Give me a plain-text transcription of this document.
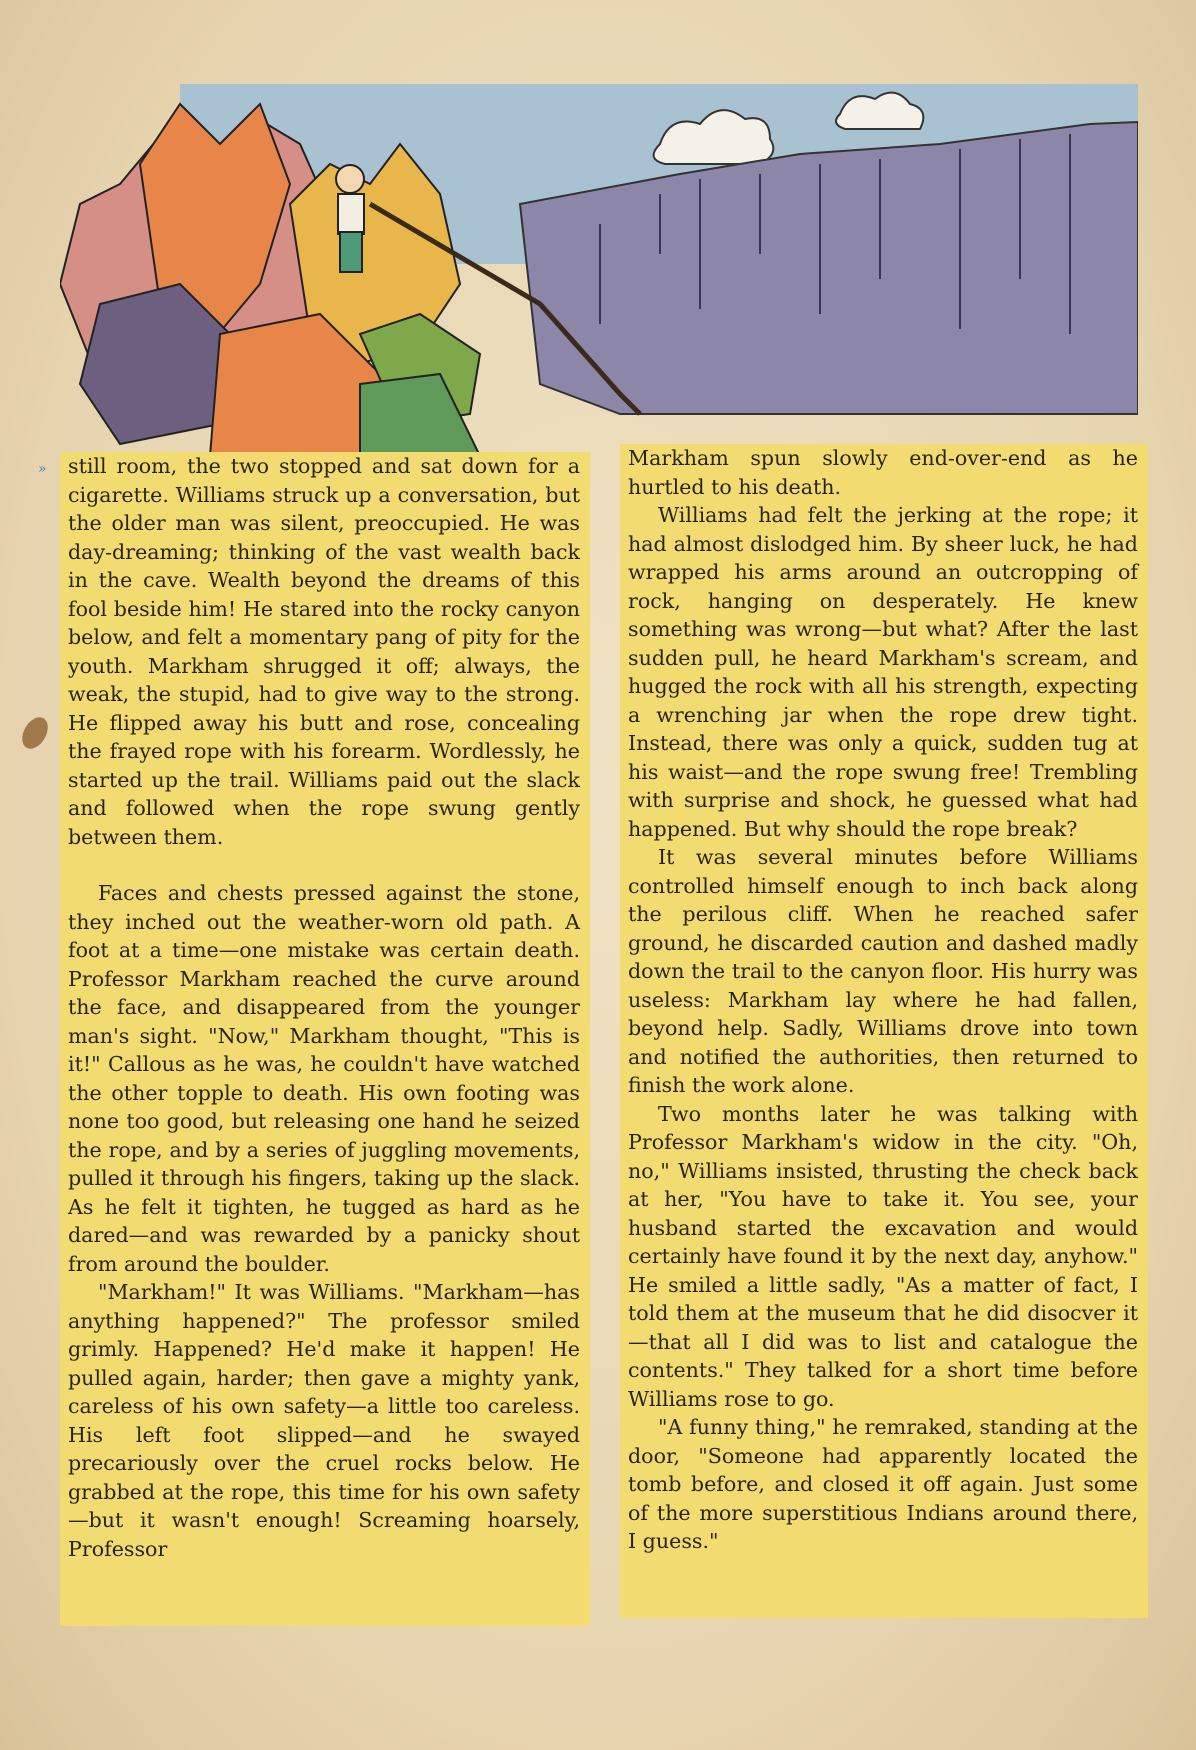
» still room, the two stopped and sat down for a cigarette. Williams struck up a conversation, but the older man was silent, preoccupied. He was day-dreaming; thinking of the vast wealth back in the cave. Wealth beyond the dreams of this fool beside him! He stared into the rocky canyon below, and felt a momentary pang of pity for the youth. Markham shrugged it off; always, the weak, the stupid, had to give way to the strong. He flipped away his butt and rose, concealing the frayed rope with his forearm. Wordlessly, he started up the trail. Williams paid out the slack and followed when the rope swung gently between them.

Faces and chests pressed against the stone, they inched out the weather-worn old path. A foot at a time—one mistake was certain death. Professor Markham reached the curve around the face, and disappeared from the younger man's sight. "Now," Markham thought, "This is it!" Callous as he was, he couldn't have watched the other topple to death. His own footing was none too good, but releasing one hand he seized the rope, and by a series of juggling movements, pulled it through his fingers, taking up the slack. As he felt it tighten, he tugged as hard as he dared—and was rewarded by a panicky shout from around the boulder.

"Markham!" It was Williams. "Markham—has anything happened?" The professor smiled grimly. Happened? He'd make it happen! He pulled again, harder; then gave a mighty yank, careless of his own safety—a little too careless. His left foot slipped—and he swayed precariously over the cruel rocks below. He grabbed at the rope, this time for his own safety—but it wasn't enough! Screaming hoarsely, Professor

Markham spun slowly end-over-end as he hurtled to his death.

Williams had felt the jerking at the rope; it had almost dislodged him. By sheer luck, he had wrapped his arms around an outcropping of rock, hanging on desperately. He knew something was wrong—but what? After the last sudden pull, he heard Markham's scream, and hugged the rock with all his strength, expecting a wrenching jar when the rope drew tight. Instead, there was only a quick, sudden tug at his waist—and the rope swung free! Trembling with surprise and shock, he guessed what had happened. But why should the rope break?

It was several minutes before Williams controlled himself enough to inch back along the perilous cliff. When he reached safer ground, he discarded caution and dashed madly down the trail to the canyon floor. His hurry was useless: Markham lay where he had fallen, beyond help. Sadly, Williams drove into town and notified the authorities, then returned to finish the work alone.

Two months later he was talking with Professor Markham's widow in the city. "Oh, no," Williams insisted, thrusting the check back at her, "You have to take it. You see, your husband started the excavation and would certainly have found it by the next day, anyhow." He smiled a little sadly, "As a matter of fact, I told them at the museum that he did disocver it—that all I did was to list and catalogue the contents." They talked for a short time before Williams rose to go.

"A funny thing," he remraked, standing at the door, "Someone had apparently located the tomb before, and closed it off again. Just some of the more superstitious Indians around there, I guess."
